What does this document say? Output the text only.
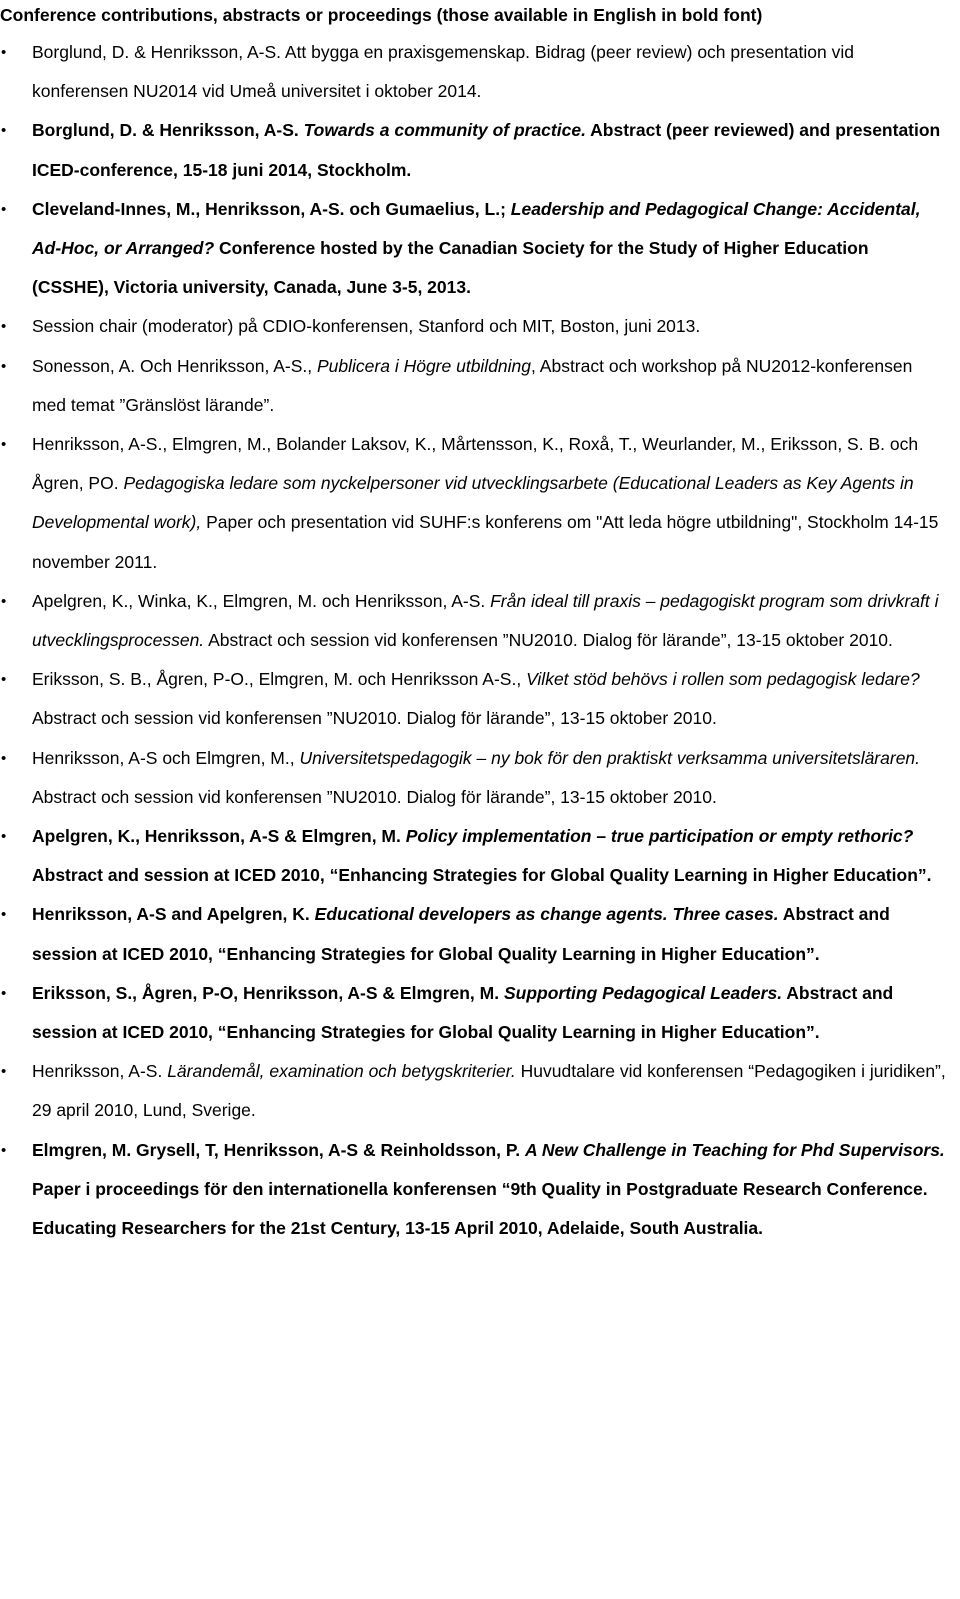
Conference contributions, abstracts or proceedings (those available in English in bold font)
• Borglund, D. & Henriksson, A-S. Att bygga en praxisgemenskap. Bidrag (peer review) och presentation vid konferensen NU2014 vid Umeå universitet i oktober 2014.
• Borglund, D. & Henriksson, A-S. Towards a community of practice. Abstract (peer reviewed) and presentation ICED-conference, 15-18 juni 2014, Stockholm.
• Cleveland-Innes, M., Henriksson, A-S. och Gumaelius, L.; Leadership and Pedagogical Change: Accidental, Ad-Hoc, or Arranged? Conference hosted by the Canadian Society for the Study of Higher Education (CSSHE), Victoria university, Canada, June 3-5, 2013.
• Session chair (moderator) på CDIO-konferensen, Stanford och MIT, Boston, juni 2013.
• Sonesson, A. Och Henriksson, A-S., Publicera i Högre utbildning, Abstract och workshop på NU2012-konferensen med temat ”Gränslöst lärande”.
• Henriksson, A-S., Elmgren, M., Bolander Laksov, K., Mårtensson, K., Roxå, T., Weurlander, M., Eriksson, S. B. och Ågren, PO. Pedagogiska ledare som nyckelpersoner vid utvecklingsarbete (Educational Leaders as Key Agents in Developmental work), Paper och presentation vid SUHF:s konferens om "Att leda högre utbildning", Stockholm 14-15 november 2011.
• Apelgren, K., Winka, K., Elmgren, M. och Henriksson, A-S. Från ideal till praxis – pedagogiskt program som drivkraft i utvecklingsprocessen. Abstract och session vid konferensen ”NU2010. Dialog för lärande”, 13-15 oktober 2010.
• Eriksson, S. B., Ågren, P-O., Elmgren, M. och Henriksson A-S., Vilket stöd behövs i rollen som pedagogisk ledare? Abstract och session vid konferensen ”NU2010. Dialog för lärande”, 13-15 oktober 2010.
• Henriksson, A-S och Elmgren, M., Universitetspedagogik – ny bok för den praktiskt verksamma universitetsläraren. Abstract och session vid konferensen ”NU2010. Dialog för lärande”, 13-15 oktober 2010.
• Apelgren, K., Henriksson, A-S & Elmgren, M. Policy implementation – true participation or empty rethoric? Abstract and session at ICED 2010, “Enhancing Strategies for Global Quality Learning in Higher Education”.
• Henriksson, A-S and Apelgren, K. Educational developers as change agents. Three cases. Abstract and session at ICED 2010, “Enhancing Strategies for Global Quality Learning in Higher Education”.
• Eriksson, S., Ågren, P-O, Henriksson, A-S & Elmgren, M. Supporting Pedagogical Leaders. Abstract and session at ICED 2010, “Enhancing Strategies for Global Quality Learning in Higher Education”.
• Henriksson, A-S. Lärandemål, examination och betygskriterier. Huvudtalare vid konferensen “Pedagogiken i juridiken”, 29 april 2010, Lund, Sverige.
• Elmgren, M. Grysell, T, Henriksson, A-S & Reinholdsson, P. A New Challenge in Teaching for Phd Supervisors. Paper i proceedings för den internationella konferensen “9th Quality in Postgraduate Research Conference. Educating Researchers for the 21st Century, 13-15 April 2010, Adelaide, South Australia.
